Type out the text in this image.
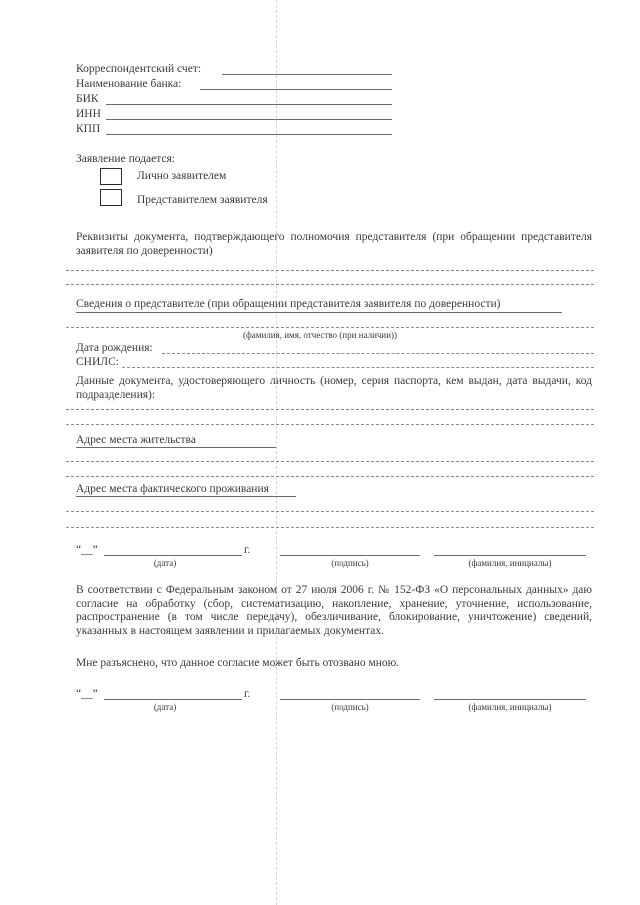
Корреспондентский счет:
Наименование банка:
БИК
ИНН
КПП
Заявление подается:
Лично заявителем
Представителем заявителя
Реквизиты документа, подтверждающего полномочия представителя (при обращении представителя заявителя по доверенности)
Сведения о представителе (при обращении представителя заявителя по доверенности)
(фамилия, имя, отчество (при наличии))
Дата рождения:
СНИЛС:
Данные документа, удостоверяющего личность (номер, серия паспорта, кем выдан, дата выдачи, код подразделения):
Адрес места жительства
Адрес места фактического проживания
“__”	г.
(дата)	(подпись)	(фамилия, инициалы)
В соответствии с Федеральным законом от 27 июля 2006 г. № 152-ФЗ «О персональных данных» даю согласие на обработку (сбор, систематизацию, накопление, хранение, уточнение, использование, распространение (в том числе передачу), обезличивание, блокирование, уничтожение) сведений, указанных в настоящем заявлении и прилагаемых документах.
Мне разъяснено, что данное согласие может быть отозвано мною.
“__”	г.
(дата)	(подпись)	(фамилия, инициалы)
